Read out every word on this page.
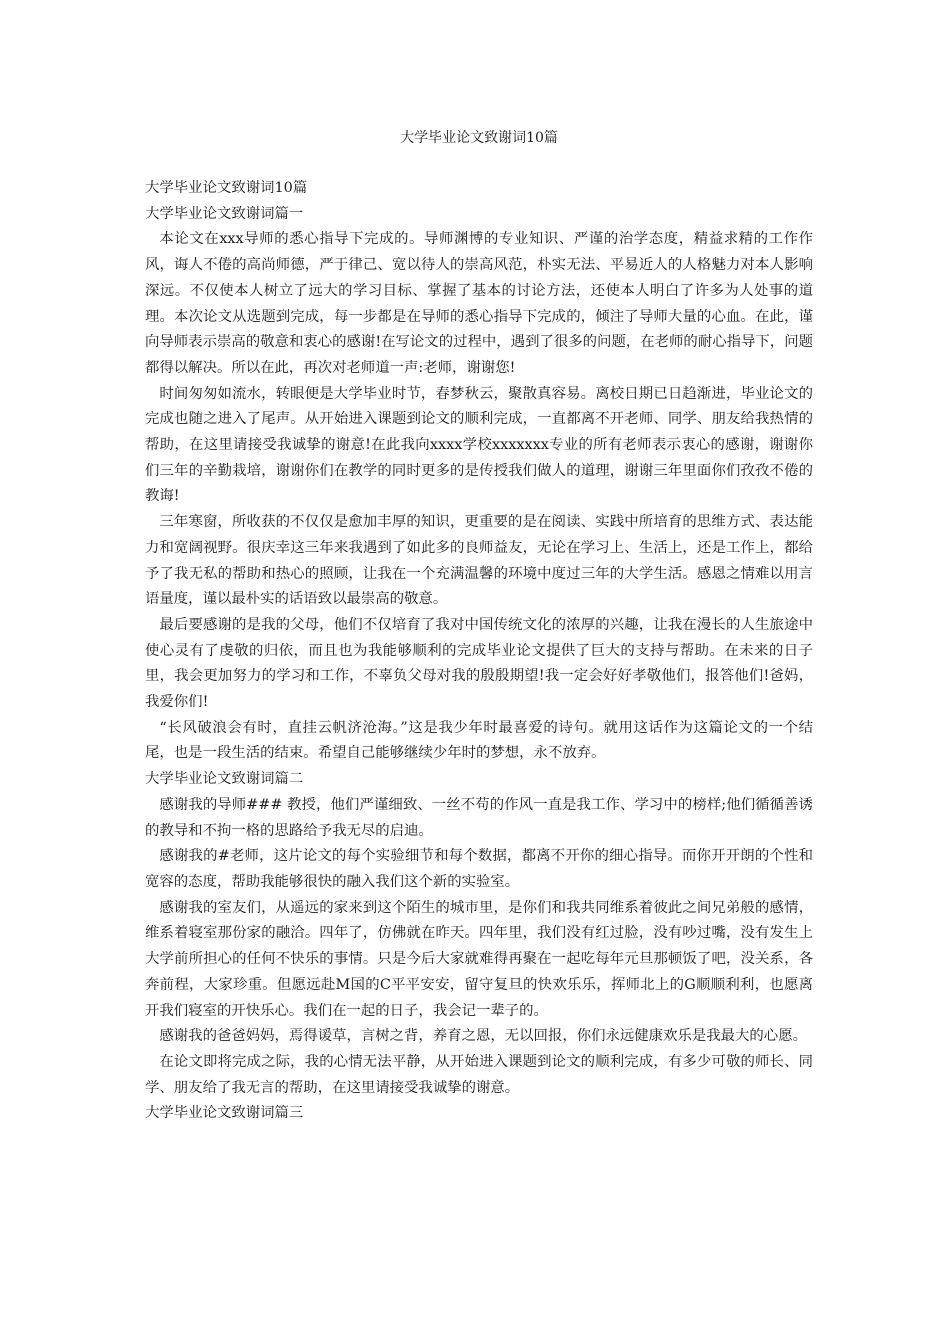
大学毕业论文致谢词10篇

大学毕业论文致谢词10篇

大学毕业论文致谢词篇一

本论文在xxx导师的悉心指导下完成的。导师渊博的专业知识、严谨的治学态度，精益求精的工作作风，诲人不倦的高尚师德，严于律己、宽以待人的崇高风范，朴实无法、平易近人的人格魅力对本人影响深远。不仅使本人树立了远大的学习目标、掌握了基本的讨论方法，还使本人明白了许多为人处事的道理。本次论文从选题到完成，每一步都是在导师的悉心指导下完成的，倾注了导师大量的心血。在此，谨向导师表示崇高的敬意和衷心的感谢!在写论文的过程中，遇到了很多的问题，在老师的耐心指导下，问题都得以解决。所以在此，再次对老师道一声:老师，谢谢您!

时间匆匆如流水，转眼便是大学毕业时节，春梦秋云，聚散真容易。离校日期已日趋渐进，毕业论文的完成也随之进入了尾声。从开始进入课题到论文的顺利完成，一直都离不开老师、同学、朋友给我热情的帮助，在这里请接受我诚挚的谢意!在此我向xxxx学校xxxxxxx专业的所有老师表示衷心的感谢，谢谢你们三年的辛勤栽培，谢谢你们在教学的同时更多的是传授我们做人的道理，谢谢三年里面你们孜孜不倦的教诲!

三年寒窗，所收获的不仅仅是愈加丰厚的知识，更重要的是在阅读、实践中所培育的思维方式、表达能力和宽阔视野。很庆幸这三年来我遇到了如此多的良师益友，无论在学习上、生活上，还是工作上，都给予了我无私的帮助和热心的照顾，让我在一个充满温馨的环境中度过三年的大学生活。感恩之情难以用言语量度，谨以最朴实的话语致以最崇高的敬意。

最后要感谢的是我的父母，他们不仅培育了我对中国传统文化的浓厚的兴趣，让我在漫长的人生旅途中使心灵有了虔敬的归依，而且也为我能够顺利的完成毕业论文提供了巨大的支持与帮助。在未来的日子里，我会更加努力的学习和工作，不辜负父母对我的殷殷期望!我一定会好好孝敬他们，报答他们!爸妈，我爱你们!

“长风破浪会有时，直挂云帆济沧海。”这是我少年时最喜爱的诗句。就用这话作为这篇论文的一个结尾，也是一段生活的结束。希望自己能够继续少年时的梦想，永不放弃。

大学毕业论文致谢词篇二

感谢我的导师### 教授，他们严谨细致、一丝不苟的作风一直是我工作、学习中的榜样;他们循循善诱的教导和不拘一格的思路给予我无尽的启迪。

感谢我的#老师，这片论文的每个实验细节和每个数据，都离不开你的细心指导。而你开开朗的个性和宽容的态度，帮助我能够很快的融入我们这个新的实验室。

感谢我的室友们，从遥远的家来到这个陌生的城市里，是你们和我共同维系着彼此之间兄弟般的感情，维系着寝室那份家的融洽。四年了，仿佛就在昨天。四年里，我们没有红过脸，没有吵过嘴，没有发生上大学前所担心的任何不快乐的事情。只是今后大家就难得再聚在一起吃每年元旦那顿饭了吧，没关系，各奔前程，大家珍重。但愿远赴M国的C平平安安，留守复旦的快欢乐乐，挥师北上的G顺顺利利，也愿离开我们寝室的开快乐心。我们在一起的日子，我会记一辈子的。

感谢我的爸爸妈妈，焉得谖草，言树之背，养育之恩，无以回报，你们永远健康欢乐是我最大的心愿。

在论文即将完成之际，我的心情无法平静，从开始进入课题到论文的顺利完成，有多少可敬的师长、同学、朋友给了我无言的帮助，在这里请接受我诚挚的谢意。

大学毕业论文致谢词篇三
